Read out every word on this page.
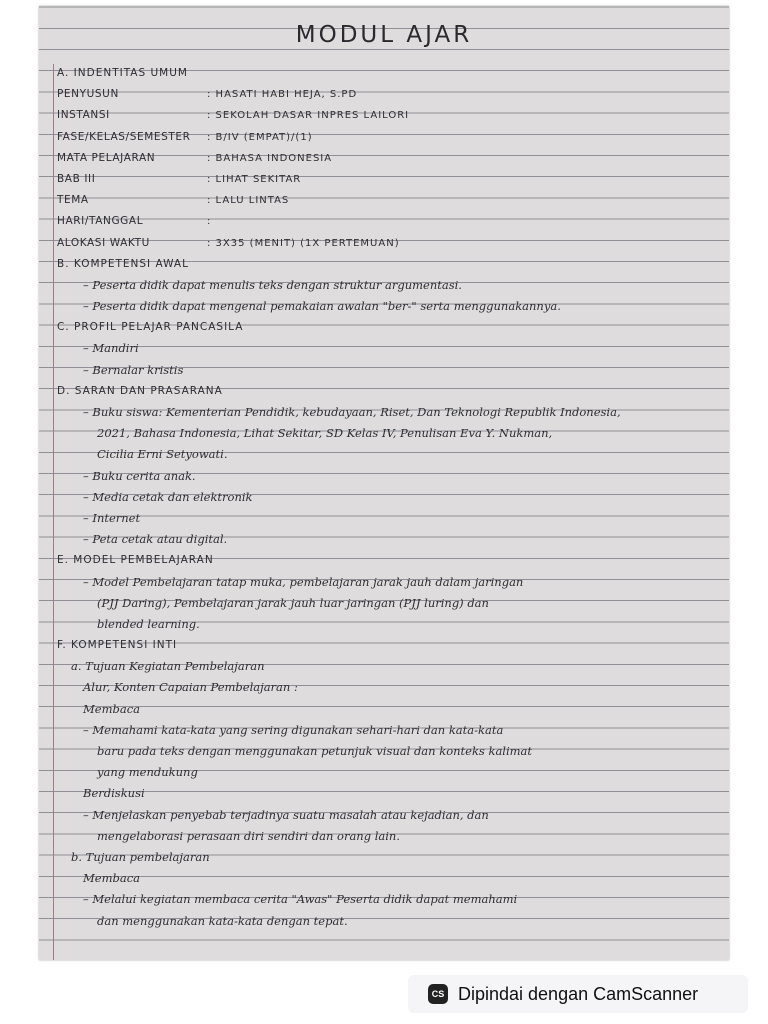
MODUL AJAR
A. INDENTITAS UMUM
PENYUSUN	: HASATI HABI HEJA, S.PD
INSTANSI	: SEKOLAH DASAR INPRES LAILORI
FASE/KELAS/SEMESTER : B/IV (EMPAT)/(1)
MATA PELAJARAN	: BAHASA INDONESIA
BAB III	: LIHAT SEKITAR
TEMA	: LALU LINTAS
HARI/TANGGAL	:
ALOKASI WAKTU	: 3X35 (MENIT) (1X PERTEMUAN)
B. KOMPETENSI AWAL
– Peserta didik dapat menulis teks dengan struktur argumentasi.
– Peserta didik dapat mengenal pemakaian awalan "ber-" serta menggunakannya.
C. PROFIL PELAJAR PANCASILA
– Mandiri
– Bernalar kristis
D. SARAN DAN PRASARANA
– Buku siswa: Kementerian Pendidik, kebudayaan, Riset, Dan Teknologi Republik Indonesia,
2021, Bahasa Indonesia, Lihat Sekitar, SD Kelas IV, Penulisan Eva Y. Nukman,
Cicilia Erni Setyowati.
– Buku cerita anak.
– Media cetak dan elektronik
– Internet
– Peta cetak atau digital.
E. MODEL PEMBELAJARAN
– Model Pembelajaran tatap muka, pembelajaran jarak jauh dalam jaringan
(PJJ Daring), Pembelajaran jarak jauh luar jaringan (PJJ luring) dan
blended learning.
F. KOMPETENSI INTI
a. Tujuan Kegiatan Pembelajaran
Alur, Konten Capaian Pembelajaran :
Membaca
– Memahami kata-kata yang sering digunakan sehari-hari dan kata-kata
baru pada teks dengan menggunakan petunjuk visual dan konteks kalimat
yang mendukung
Berdiskusi
– Menjelaskan penyebab terjadinya suatu masalah atau kejadian, dan
mengelaborasi perasaan diri sendiri dan orang lain.
b. Tujuan pembelajaran
Membaca
– Melalui kegiatan membaca cerita "Awas" Peserta didik dapat memahami
dan menggunakan kata-kata dengan tepat.
CS Dipindai dengan CamScanner
